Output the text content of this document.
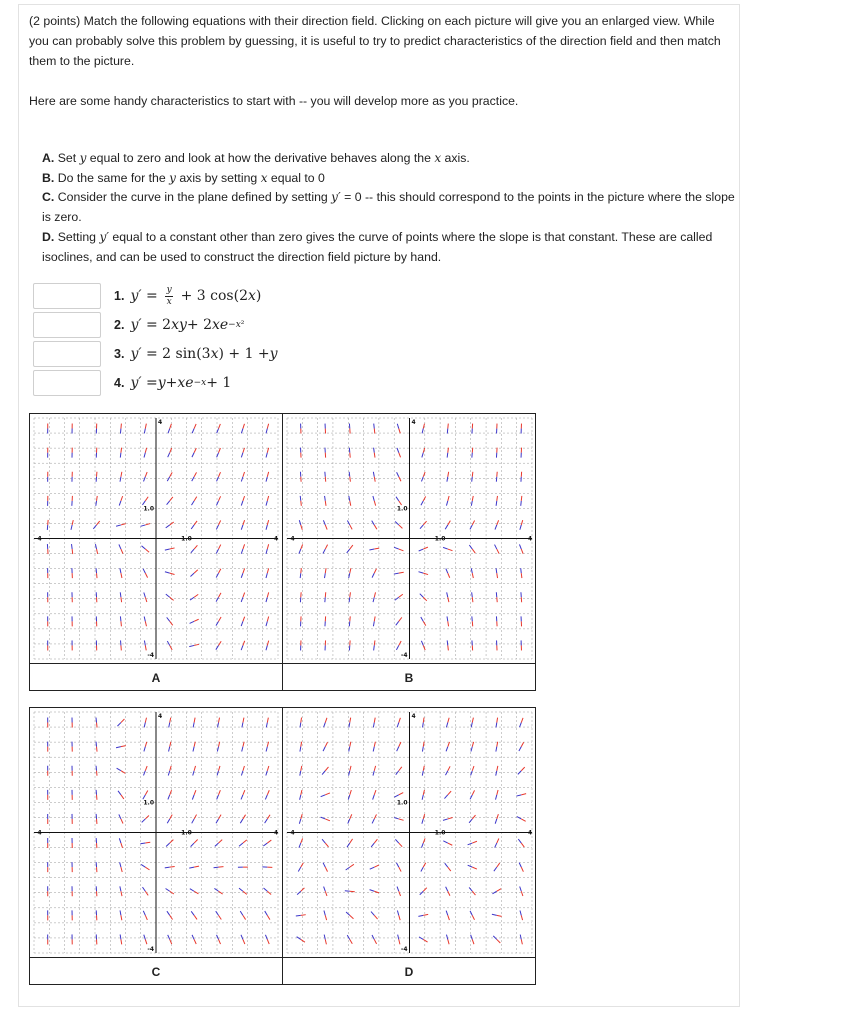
(2 points) Match the following equations with their direction field. Clicking on each picture will give you an enlarged view. While you can probably solve this problem by guessing, it is useful to try to predict characteristics of the direction field and then match them to the picture.

Here are some handy characteristics to start with -- you will develop more as you practice.

A. Set y equal to zero and look at how the derivative behaves along the x axis.

B. Do the same for the y axis by setting x equal to 0

C. Consider the curve in the plane defined by setting y′ = 0 -- this should correspond to the points in the picture where the slope is zero.

D. Setting y′ equal to a constant other than zero gives the curve of points where the slope is that constant. These are called isoclines, and can be used to construct the direction field picture by hand.

1. $y' = \frac{y}{x} + 3$ cos(2 x )
2. y′ = 2 xy + 2 xe −x²
3. y′ = 2 sin(3 x ) + 1 + y
4. y′ = y + xe −x + 1
-4	4
4
-4
1.0
1.0
A
-4	4
4
-4
1.0
1.0
B
-4	4
4
-4
1.0
1.0
C
-4	4
4
-4
1.0
1.0
D
